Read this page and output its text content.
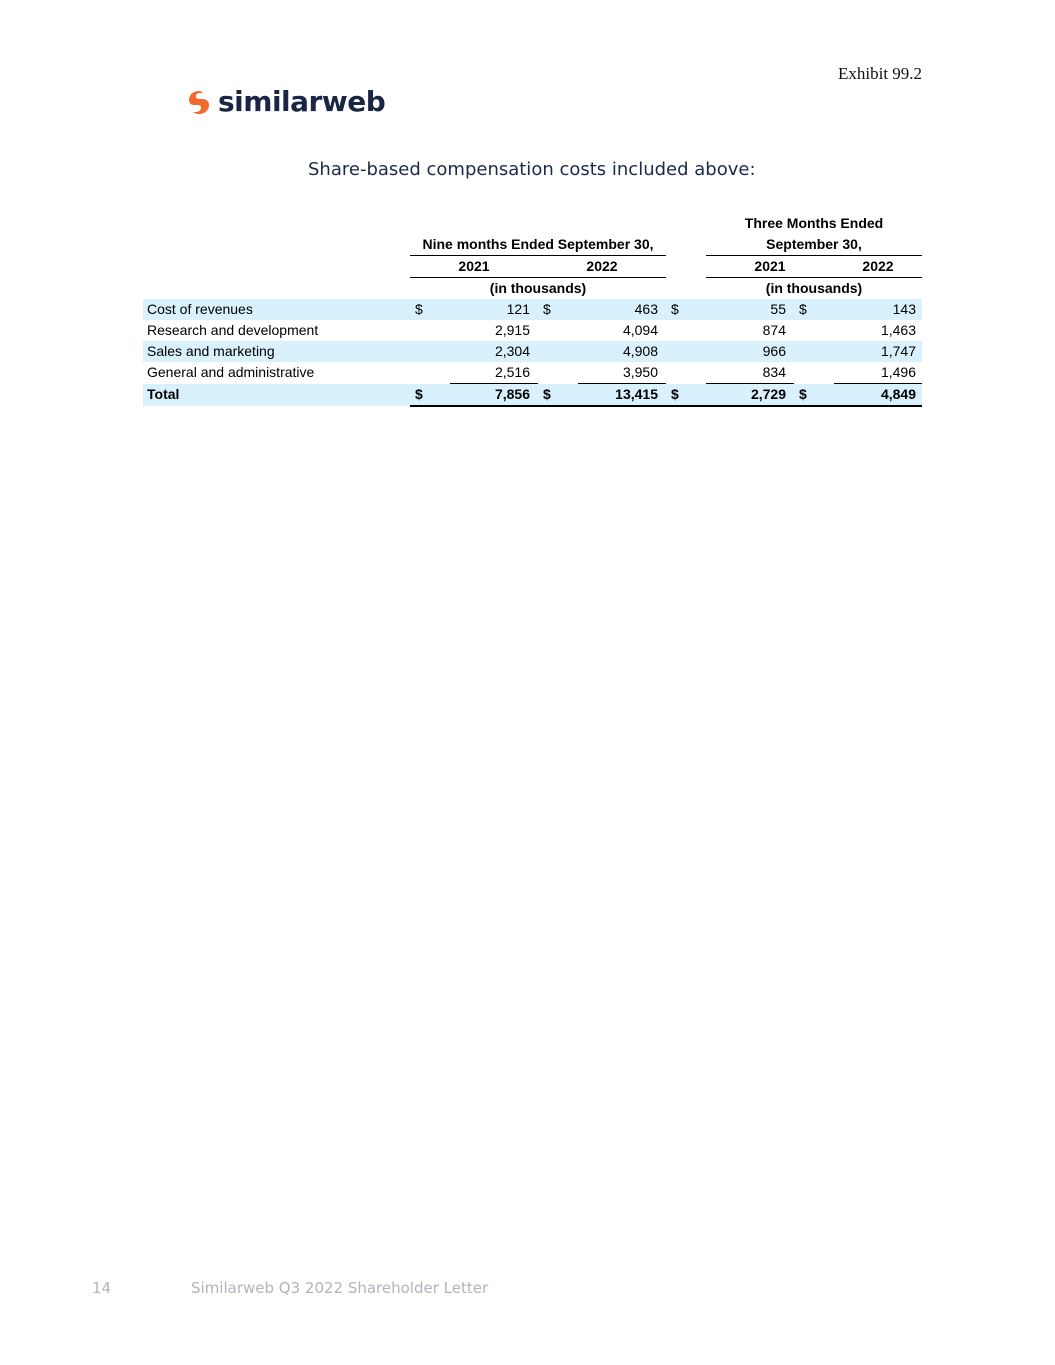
Exhibit 99.2
similarweb
Share-based compensation costs included above:
						Three Months Ended		
	Nine months Ended September 30,					September 30,		
	2021		2022			2021		2022
	(in thousands)					(in thousands)		
Cost of revenues	$	121	$	463	$	55	$	143
Research and development		2,915		4,094		874		1,463
Sales and marketing		2,304		4,908		966		1,747
General and administrative		2,516		3,950		834		1,496
Total	$	7,856	$	13,415	$	2,729	$	4,849
14	Similarweb Q3 2022 Shareholder Letter
